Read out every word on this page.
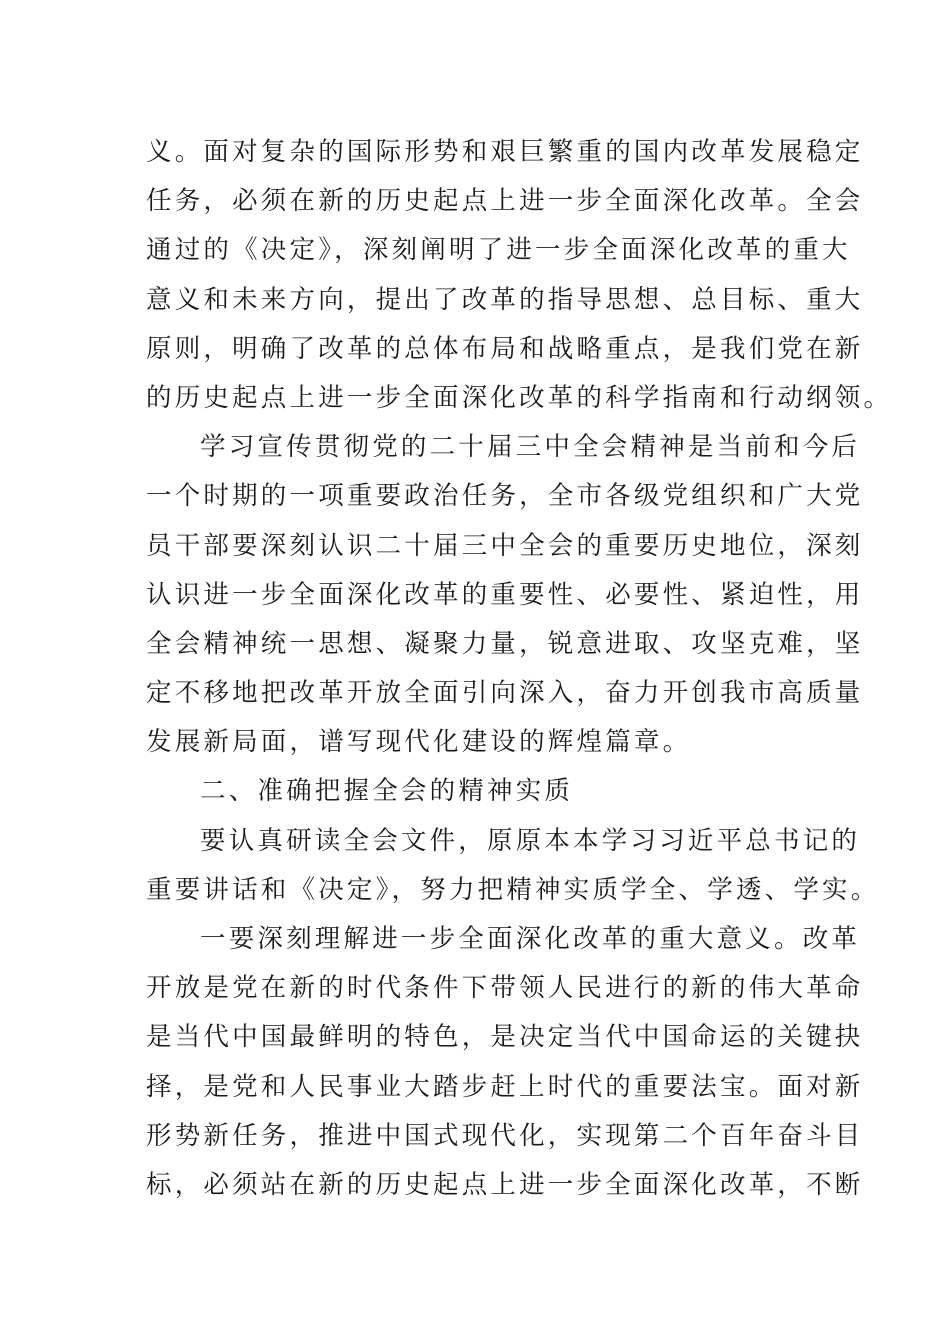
义。面对复杂的国际形势和艰巨繁重的国内改革发展稳定
任务，必须在新的历史起点上进一步全面深化改革。全会
通过的《决定》，深刻阐明了进一步全面深化改革的重大
意义和未来方向，提出了改革的指导思想、总目标、重大
原则，明确了改革的总体布局和战略重点，是我们党在新
的历史起点上进一步全面深化改革的科学指南和行动纲领。
学习宣传贯彻党的二十届三中全会精神是当前和今后
一个时期的一项重要政治任务，全市各级党组织和广大党
员干部要深刻认识二十届三中全会的重要历史地位，深刻
认识进一步全面深化改革的重要性、必要性、紧迫性，用
全会精神统一思想、凝聚力量，锐意进取、攻坚克难，坚
定不移地把改革开放全面引向深入，奋力开创我市高质量
发展新局面，谱写现代化建设的辉煌篇章。
二、准确把握全会的精神实质
要认真研读全会文件，原原本本学习习近平总书记的
重要讲话和《决定》，努力把精神实质学全、学透、学实。
一要深刻理解进一步全面深化改革的重大意义。改革
开放是党在新的时代条件下带领人民进行的新的伟大革命
是当代中国最鲜明的特色，是决定当代中国命运的关键抉
择，是党和人民事业大踏步赶上时代的重要法宝。面对新
形势新任务，推进中国式现代化，实现第二个百年奋斗目
标，必须站在新的历史起点上进一步全面深化改革，不断
